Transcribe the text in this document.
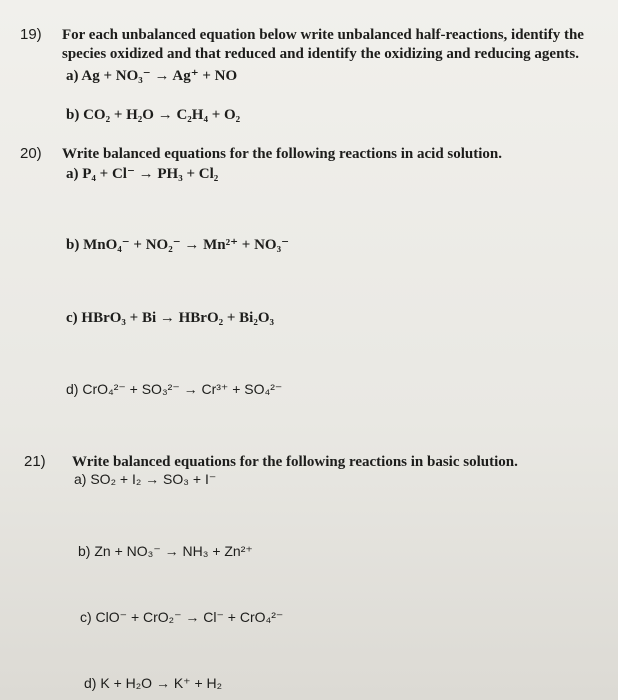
19) For each unbalanced equation below write unbalanced half-reactions, identify the
species oxidized and that reduced and identify the oxidizing and reducing agents.
a) Ag + NO₃⁻ → Ag⁺ + NO
b) CO₂ + H₂O → C₂H₄ + O₂
20) Write balanced equations for the following reactions in acid solution.
a) P₄ + Cl⁻ → PH₃ + Cl₂
b) MnO₄⁻ + NO₂⁻ → Mn²⁺ + NO₃⁻
c) HBrO₃ + Bi → HBrO₂ + Bi₂O₃
d) CrO₄²⁻ + SO₃²⁻ → Cr³⁺ + SO₄²⁻
21) Write balanced equations for the following reactions in basic solution.
a) SO₂ + I₂ → SO₃ + I⁻
b) Zn + NO₃⁻ → NH₃ + Zn²⁺
c) ClO⁻ + CrO₂⁻ → Cl⁻ + CrO₄²⁻
d) K + H₂O → K⁺ + H₂
